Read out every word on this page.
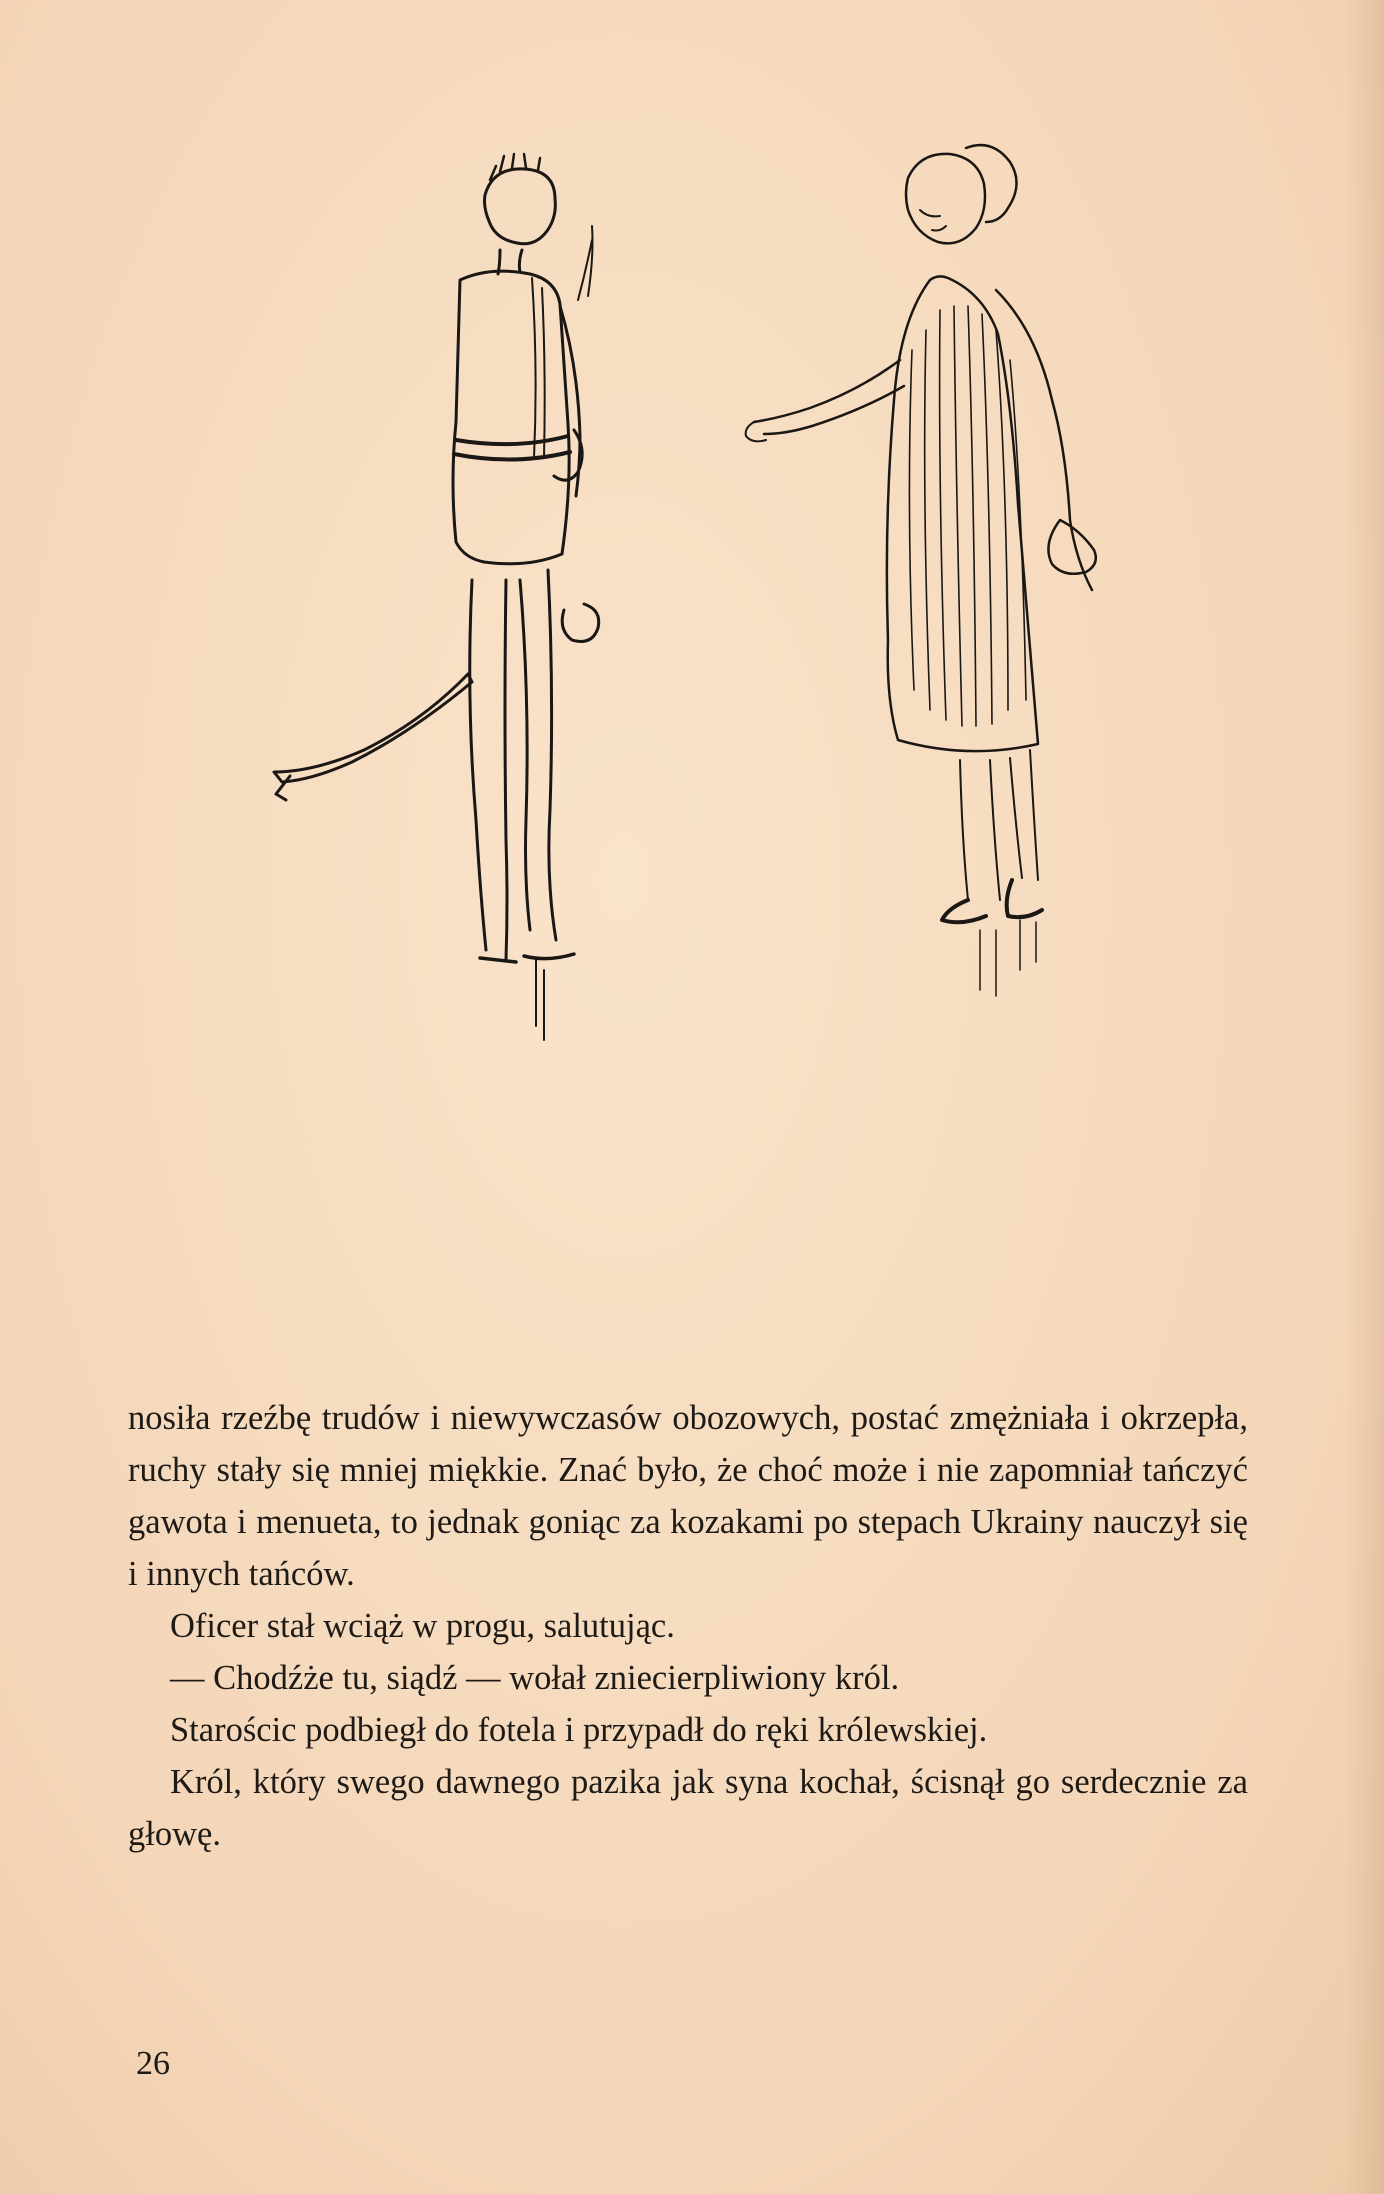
nosiła rzeźbę trudów i niewywczasów obozowych, postać zmężniała i okrzepła, ruchy stały się mniej miękkie. Znać było, że choć może i nie zapomniał tańczyć gawota i menueta, to jednak goniąc za kozakami po stepach Ukrainy nauczył się i innych tańców.

Oficer stał wciąż w progu, salutując.

— Chodźże tu, siądź — wołał zniecierpliwiony król.

Starościc podbiegł do fotela i przypadł do ręki królewskiej.

Król, który swego dawnego pazika jak syna kochał, ścisnął go serdecznie za głowę.

26
